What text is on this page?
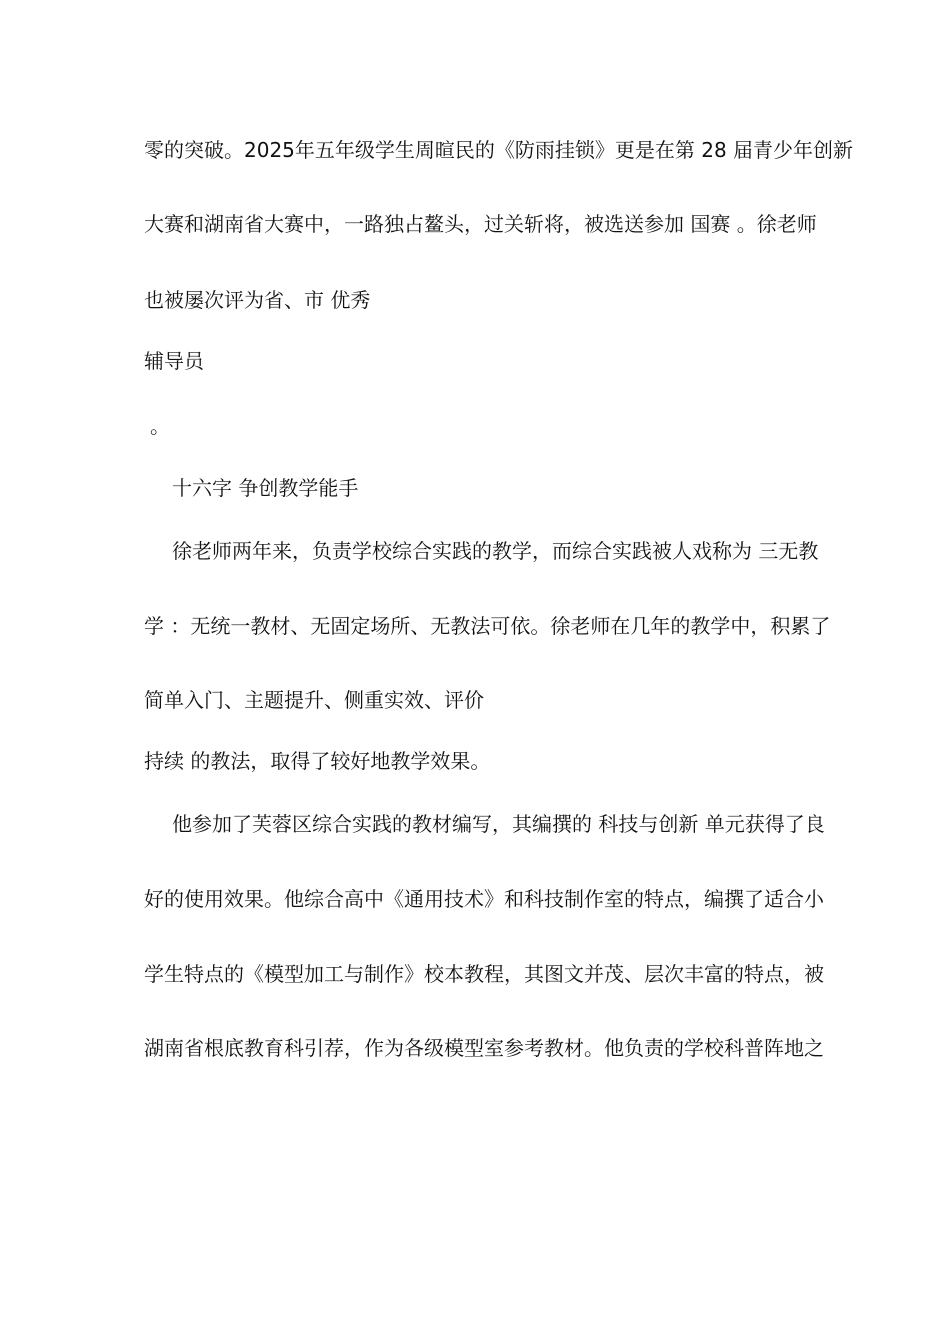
零的突破。2025年五年级学生周暄民的《防雨挂锁》更是在第 28 届青少年创新
大赛和湖南省大赛中，一路独占鳌头，过关斩将，被选送参加 国赛 。徐老师
也被屡次评为省、市 优秀
辅导员
。
十六字 争创教学能手
徐老师两年来，负责学校综合实践的教学，而综合实践被人戏称为 三无教
学 ：无统一教材、无固定场所、无教法可依。徐老师在几年的教学中，积累了
简单入门、主题提升、侧重实效、评价
持续 的教法，取得了较好地教学效果。
他参加了芙蓉区综合实践的教材编写，其编撰的 科技与创新 单元获得了良
好的使用效果。他综合高中《通用技术》和科技制作室的特点，编撰了适合小
学生特点的《模型加工与制作》校本教程，其图文并茂、层次丰富的特点，被
湖南省根底教育科引荐，作为各级模型室参考教材。他负责的学校科普阵地之
